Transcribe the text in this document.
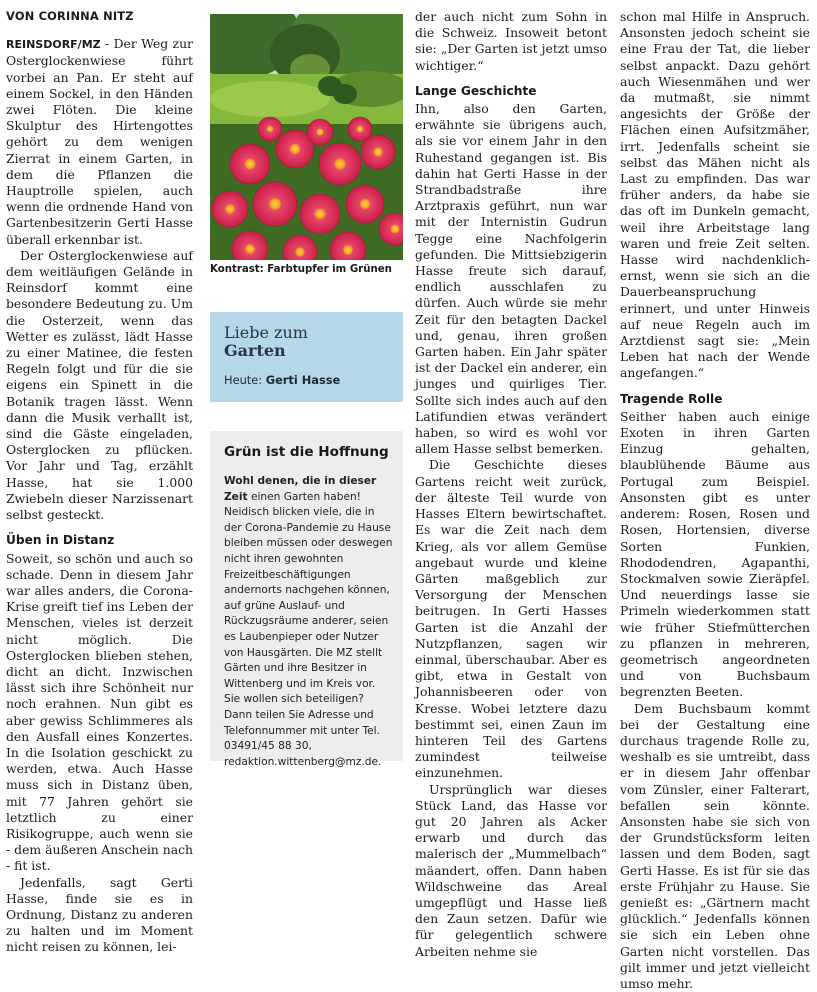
VON CORINNA NITZ

REINSDORF/MZ - Der Weg zur Osterglockenwiese führt vorbei an Pan. Er steht auf einem Sockel, in den Händen zwei Flöten. Die kleine Skulptur des Hirtengottes gehört zu dem wenigen Zierrat in einem Garten, in dem die Pflanzen die Hauptrolle spielen, auch wenn die ordnende Hand von Gartenbesitzerin Gerti Hasse überall erkennbar ist.

Der Osterglockenwiese auf dem weitläufigen Gelände in Reinsdorf kommt eine besondere Bedeutung zu. Um die Osterzeit, wenn das Wetter es zulässt, lädt Hasse zu einer Matinee, die festen Regeln folgt und für die sie eigens ein Spinett in die Botanik tragen lässt. Wenn dann die Musik verhallt ist, sind die Gäste eingeladen, Osterglocken zu pflücken. Vor Jahr und Tag, erzählt Hasse, hat sie 1.000 Zwiebeln dieser Narzissenart selbst gesteckt.

Üben in Distanz

Soweit, so schön und auch so schade. Denn in diesem Jahr war alles anders, die Corona-Krise greift tief ins Leben der Menschen, vieles ist derzeit nicht möglich. Die Osterglocken blieben stehen, dicht an dicht. Inzwischen lässt sich ihre Schönheit nur noch erahnen. Nun gibt es aber gewiss Schlimmeres als den Ausfall eines Konzertes. In die Isolation geschickt zu werden, etwa. Auch Hasse muss sich in Distanz üben, mit 77 Jahren gehört sie letztlich zu einer Risikogruppe, auch wenn sie - dem äußeren Anschein nach - fit ist.

Jedenfalls, sagt Gerti Hasse, finde sie es in Ordnung, Distanz zu anderen zu halten und im Moment nicht reisen zu können, lei-

Kontrast: Farbtupfer im Grünen
Liebe zum
Garten
Heute: Gerti Hasse
Grün ist die Hoffnung
Wohl denen, die in dieser Zeit einen Garten haben! Neidisch blicken viele, die in der Corona-Pandemie zu Hause bleiben müssen oder deswegen nicht ihren gewohnten Freizeitbeschäftigungen andernorts nachgehen können, auf grüne Auslauf- und Rückzugsräume anderer, seien es Laubenpieper oder Nutzer von Hausgärten. Die MZ stellt Gärten und ihre Besitzer in Wittenberg und im Kreis vor. Sie wollen sich beteiligen? Dann teilen Sie Adresse und Telefonnummer mit unter Tel. 03491/45 88 30, redaktion.wittenberg@mz.de.

der auch nicht zum Sohn in die Schweiz. Insoweit betont sie: „Der Garten ist jetzt umso wichtiger.“

Lange Geschichte

Ihn, also den Garten, erwähnte sie übrigens auch, als sie vor einem Jahr in den Ruhestand gegangen ist. Bis dahin hat Gerti Hasse in der Strandbadstraße ihre Arztpraxis geführt, nun war mit der Internistin Gudrun Tegge eine Nachfolgerin gefunden. Die Mittsiebzigerin Hasse freute sich darauf, endlich ausschlafen zu dürfen. Auch würde sie mehr Zeit für den betagten Dackel und, genau, ihren großen Garten haben. Ein Jahr später ist der Dackel ein anderer, ein junges und quirliges Tier. Sollte sich indes auch auf den Latifundien etwas verändert haben, so wird es wohl vor allem Hasse selbst bemerken.

Die Geschichte dieses Gartens reicht weit zurück, der älteste Teil wurde von Hasses Eltern bewirtschaftet. Es war die Zeit nach dem Krieg, als vor allem Gemüse angebaut wurde und kleine Gärten maßgeblich zur Versorgung der Menschen beitrugen. In Gerti Hasses Garten ist die Anzahl der Nutzpflanzen, sagen wir einmal, überschaubar. Aber es gibt, etwa in Gestalt von Johannisbeeren oder von Kresse. Wobei letztere dazu bestimmt sei, einen Zaun im hinteren Teil des Gartens zumindest teilweise einzunehmen.

Ursprünglich war dieses Stück Land, das Hasse vor gut 20 Jahren als Acker erwarb und durch das malerisch der „Mummelbach“ mäandert, offen. Dann haben Wildschweine das Areal umgepflügt und Hasse ließ den Zaun setzen. Dafür wie für gelegentlich schwere Arbeiten nehme sie

schon mal Hilfe in Anspruch. Ansonsten jedoch scheint sie eine Frau der Tat, die lieber selbst anpackt. Dazu gehört auch Wiesenmähen und wer da mutmaßt, sie nimmt angesichts der Größe der Flächen einen Aufsitzmäher, irrt. Jedenfalls scheint sie selbst das Mähen nicht als Last zu empfinden. Das war früher anders, da habe sie das oft im Dunkeln gemacht, weil ihre Arbeitstage lang waren und freie Zeit selten. Hasse wird nachdenklich-ernst, wenn sie sich an die Dauerbeanspruchung erinnert, und unter Hinweis auf neue Regeln auch im Arztdienst sagt sie: „Mein Leben hat nach der Wende angefangen.“

Tragende Rolle

Seither haben auch einige Exoten in ihren Garten Einzug gehalten, blaublühende Bäume aus Portugal zum Beispiel. Ansonsten gibt es unter anderem: Rosen, Rosen und Rosen, Hortensien, diverse Sorten Funkien, Rhododendren, Agapanthi, Stockmalven sowie Zieräpfel. Und neuerdings lasse sie Primeln wiederkommen statt wie früher Stiefmütterchen zu pflanzen in mehreren, geometrisch angeordneten und von Buchsbaum begrenzten Beeten.

Dem Buchsbaum kommt bei der Gestaltung eine durchaus tragende Rolle zu, weshalb es sie umtreibt, dass er in diesem Jahr offenbar vom Zünsler, einer Falterart, befallen sein könnte. Ansonsten habe sie sich von der Grundstücksform leiten lassen und dem Boden, sagt Gerti Hasse. Es ist für sie das erste Frühjahr zu Hause. Sie genießt es: „Gärtnern macht glücklich.“ Jedenfalls können sie sich ein Leben ohne Garten nicht vorstellen. Das gilt immer und jetzt vielleicht umso mehr.
